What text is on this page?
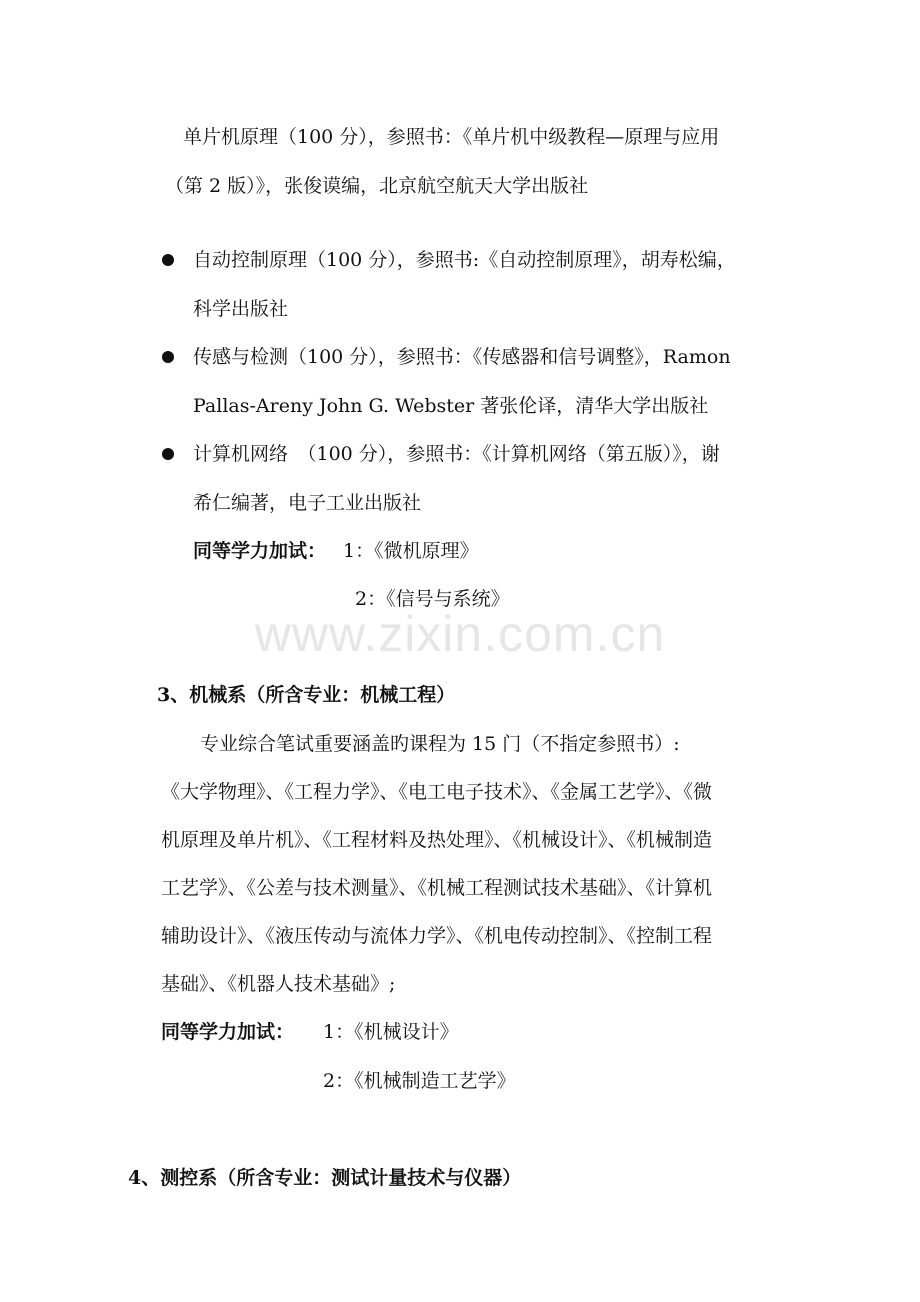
www.zixin.com.cn
单片机原理（100 分），参照书：《单片机中级教程—原理与应用
（第 2 版）》，张俊谟编，北京航空航天大学出版社
自动控制原理（100 分），参照书:《自动控制原理》，胡寿松编，
科学出版社
传感与检测（100 分），参照书：《传感器和信号调整》，Ramon
Pallas-Areny John G. Webster 著张伦译，清华大学出版社
计算机网络　（100 分），参照书：《计算机网络（第五版）》，谢
希仁编著，电子工业出版社
同等学力加试： 1：《微机原理》
2：《信号与系统》
3、机械系（所含专业：机械工程）
专业综合笔试重要涵盖旳课程为 15 门（不指定参照书）:
《大学物理》、《工程力学》、《电工电子技术》、《金属工艺学》、《微
机原理及单片机》、《工程材料及热处理》、《机械设计》、《机械制造
工艺学》、《公差与技术测量》、《机械工程测试技术基础》、《计算机
辅助设计》、《液压传动与流体力学》、《机电传动控制》、《控制工程
基础》、《机器人技术基础》;
同等学力加试： 1：《机械设计》
2：《机械制造工艺学》
4、测控系（所含专业：测试计量技术与仪器）
